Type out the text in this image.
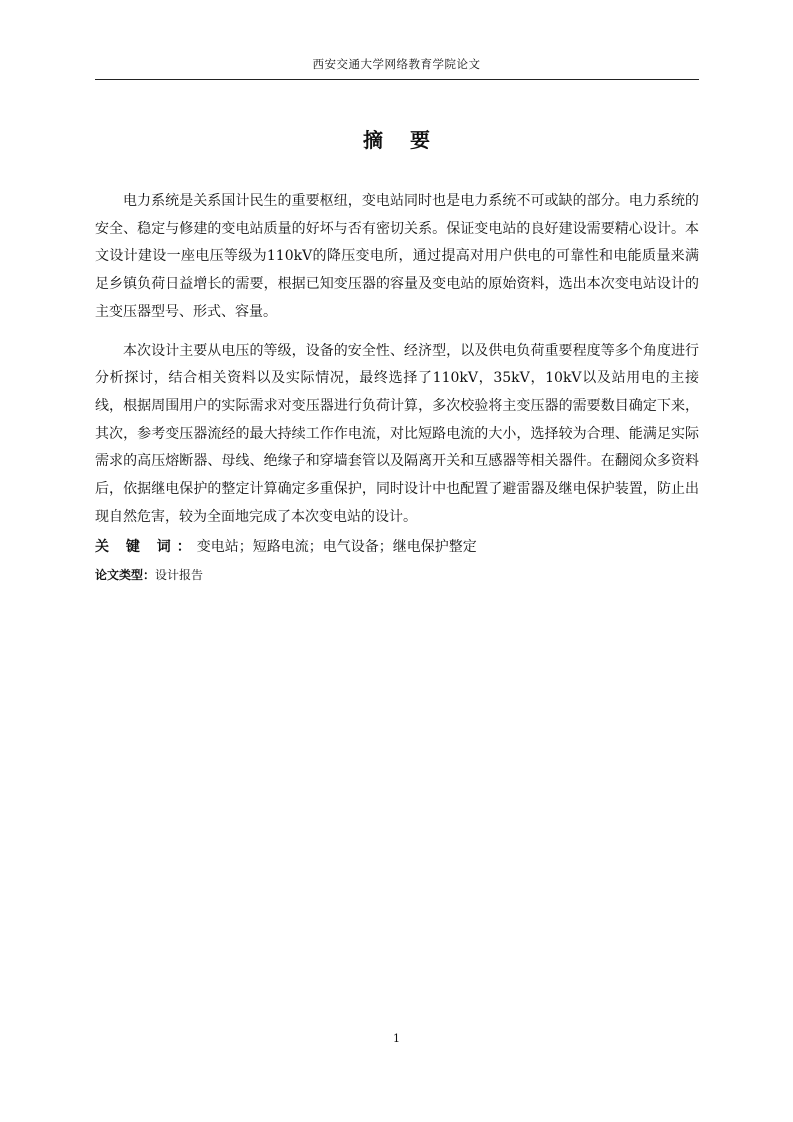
西安交通大学网络教育学院论文
摘 要

电力系统是关系国计民生的重要枢纽，变电站同时也是电力系统不可或缺的部分。电力系统的安全、稳定与修建的变电站质量的好坏与否有密切关系。保证变电站的良好建设需要精心设计。本文设计建设一座电压等级为110kV的降压变电所，通过提高对用户供电的可靠性和电能质量来满足乡镇负荷日益增长的需要，根据已知变压器的容量及变电站的原始资料，选出本次变电站设计的主变压器型号、形式、容量。

本次设计主要从电压的等级，设备的安全性、经济型，以及供电负荷重要程度等多个角度进行分析探讨，结合相关资料以及实际情况，最终选择了110kV，35kV，10kV以及站用电的主接线，根据周围用户的实际需求对变压器进行负荷计算，多次校验将主变压器的需要数目确定下来，其次，参考变压器流经的最大持续工作作电流，对比短路电流的大小，选择较为合理、能满足实际需求的高压熔断器、母线、绝缘子和穿墙套管以及隔离开关和互感器等相关器件。在翻阅众多资料后，依据继电保护的整定计算确定多重保护，同时设计中也配置了避雷器及继电保护装置，防止出现自然危害，较为全面地完成了本次变电站的设计。

关 键 词：变电站；短路电流；电气设备；继电保护整定
论文类型：设计报告
1
